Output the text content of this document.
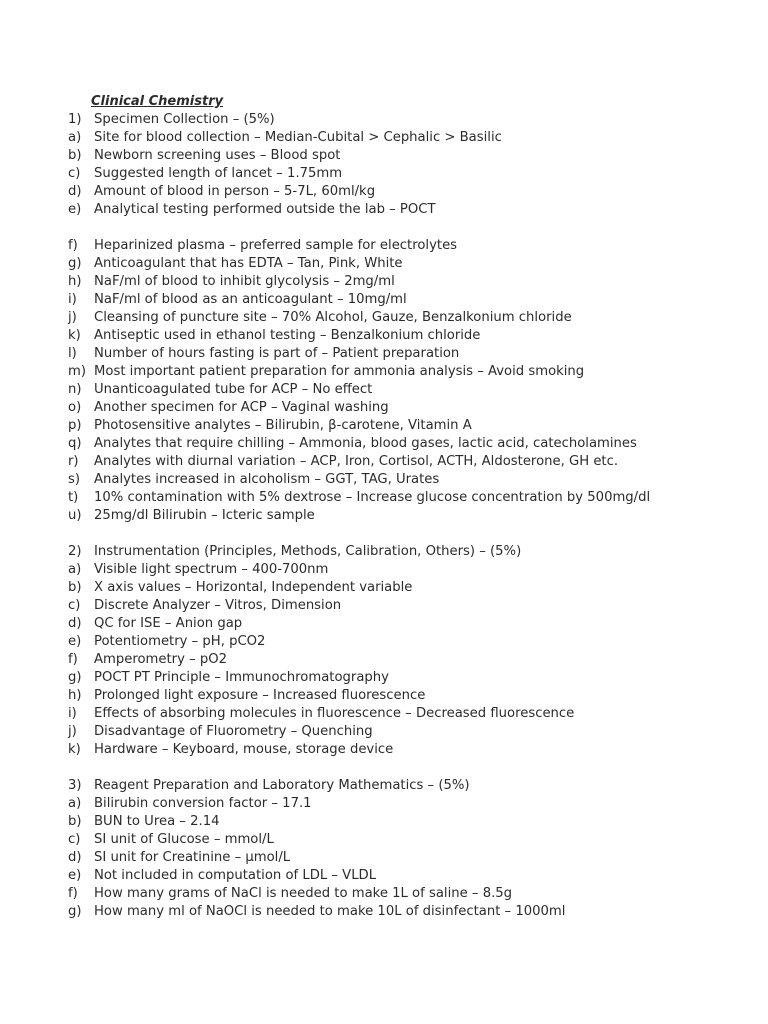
Clinical Chemistry
1) Specimen Collection – (5%)
a) Site for blood collection – Median-Cubital > Cephalic > Basilic
b) Newborn screening uses – Blood spot
c)	Suggested length of lancet – 1.75mm
d) Amount of blood in person – 5-7L, 60ml/kg
e) Analytical testing performed outside the lab – POCT
f)	Heparinized plasma – preferred sample for electrolytes
g) Anticoagulant that has EDTA – Tan, Pink, White
h) NaF/ml of blood to inhibit glycolysis – 2mg/ml
i)	NaF/ml of blood as an anticoagulant – 10mg/ml
j)	Cleansing of puncture site – 70% Alcohol, Gauze, Benzalkonium chloride
k)	Antiseptic used in ethanol testing – Benzalkonium chloride
l)	Number of hours fasting is part of – Patient preparation
m) Most important patient preparation for ammonia analysis – Avoid smoking
n) Unanticoagulated tube for ACP – No effect
o) Another specimen for ACP – Vaginal washing
p) Photosensitive analytes – Bilirubin, β-carotene, Vitamin A
q) Analytes that require chilling – Ammonia, blood gases, lactic acid, catecholamines
r)	Analytes with diurnal variation – ACP, Iron, Cortisol, ACTH, Aldosterone, GH etc.
s)	Analytes increased in alcoholism – GGT, TAG, Urates
t)	10% contamination with 5% dextrose – Increase glucose concentration by 500mg/dl
u) 25mg/dl Bilirubin – Icteric sample
2) Instrumentation (Principles, Methods, Calibration, Others) – (5%)
a) Visible light spectrum – 400-700nm
b) X axis values – Horizontal, Independent variable
c)	Discrete Analyzer – Vitros, Dimension
d) QC for ISE – Anion gap
e) Potentiometry – pH, pCO2
f)	Amperometry – pO2
g) POCT PT Principle – Immunochromatography
h) Prolonged light exposure – Increased fluorescence
i)	Effects of absorbing molecules in fluorescence – Decreased fluorescence
j)	Disadvantage of Fluorometry – Quenching
k)	Hardware – Keyboard, mouse, storage device
3) Reagent Preparation and Laboratory Mathematics – (5%)
a) Bilirubin conversion factor – 17.1
b) BUN to Urea – 2.14
c)	SI unit of Glucose – mmol/L
d) SI unit for Creatinine – µmol/L
e) Not included in computation of LDL – VLDL
f)	How many grams of NaCl is needed to make 1L of saline – 8.5g
g) How many ml of NaOCl is needed to make 10L of disinfectant – 1000ml
